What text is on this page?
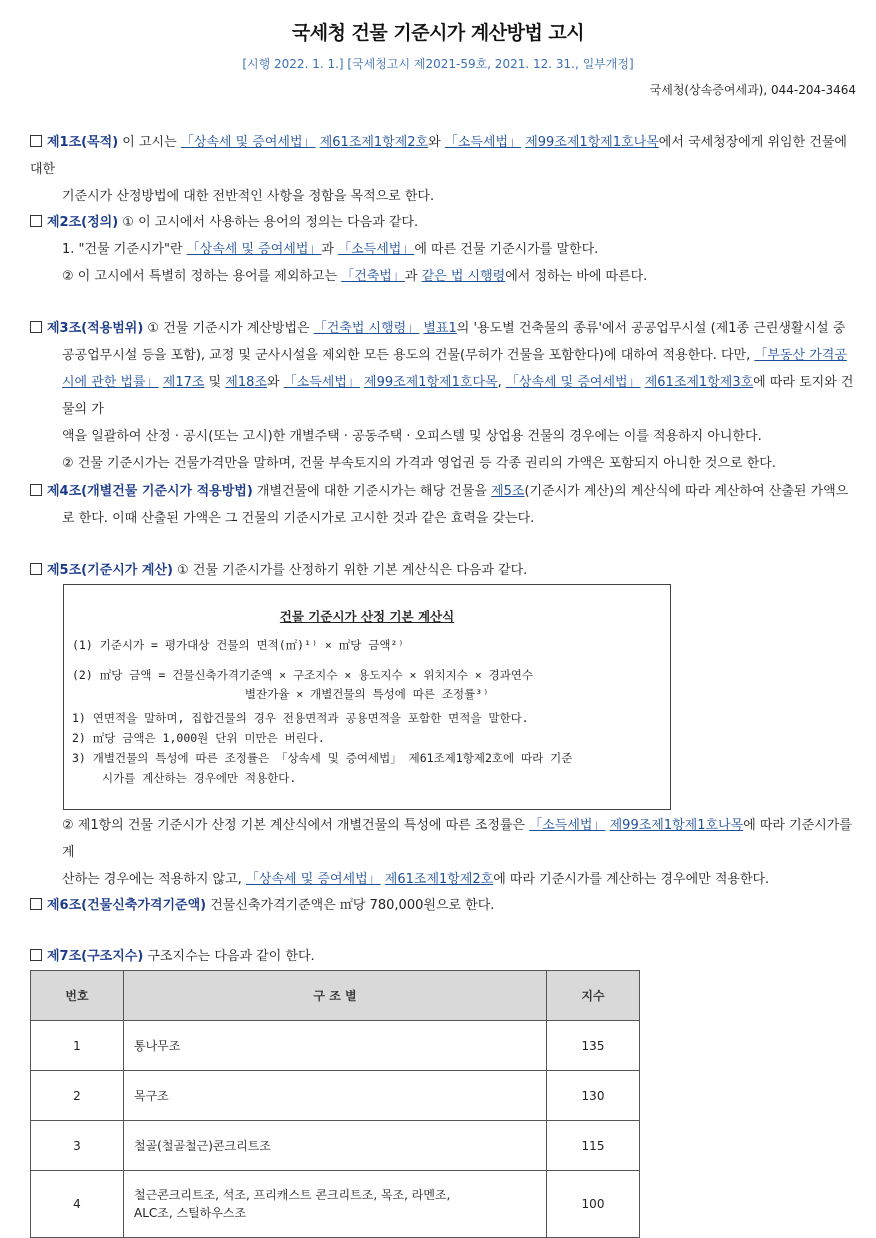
국세청 건물 기준시가 계산방법 고시
[시행 2022. 1. 1.] [국세청고시 제2021-59호, 2021. 12. 31., 일부개정]
국세청(상속증여세과), 044-204-3464

제1조(목적) 이 고시는 「상속세 및 증여세법」 제61조제1항제2호와 「소득세법」 제99조제1항제1호나목에서 국세청장에게 위임한 건물에 대한

기준시가 산정방법에 대한 전반적인 사항을 정함을 목적으로 한다.

제2조(정의) ① 이 고시에서 사용하는 용어의 정의는 다음과 같다.

1. "건물 기준시가"란 「상속세 및 증여세법」과 「소득세법」에 따른 건물 기준시가를 말한다.

② 이 고시에서 특별히 정하는 용어를 제외하고는 「건축법」과 같은 법 시행령에서 정하는 바에 따른다.

제3조(적용범위) ① 건물 기준시가 계산방법은 「건축법 시행령」 별표1의 '용도별 건축물의 종류'에서 공공업무시설 (제1종 근린생활시설 중

공공업무시설 등을 포함), 교정 및 군사시설을 제외한 모든 용도의 건물(무허가 건물을 포함한다)에 대하여 적용한다. 다만, 「부동산 가격공

시에 관한 법률」 제17조 및 제18조와 「소득세법」 제99조제1항제1호다목, 「상속세 및 증여세법」 제61조제1항제3호에 따라 토지와 건물의 가

액을 일괄하여 산정 · 공시(또는 고시)한 개별주택 · 공동주택 · 오피스텔 및 상업용 건물의 경우에는 이를 적용하지 아니한다.

② 건물 기준시가는 건물가격만을 말하며, 건물 부속토지의 가격과 영업권 등 각종 권리의 가액은 포함되지 아니한 것으로 한다.

제4조(개별건물 기준시가 적용방법) 개별건물에 대한 기준시가는 해당 건물을 제5조(기준시가 계산)의 계산식에 따라 계산하여 산출된 가액으

로 한다. 이때 산출된 가액은 그 건물의 기준시가로 고시한 것과 같은 효력을 갖는다.

제5조(기준시가 계산) ① 건물 기준시가를 산정하기 위한 기본 계산식은 다음과 같다.

건물 기준시가 산정 기본 계산식
(1) 기준시가 = 평가대상 건물의 면적(㎡)¹⁾ × ㎡당 금액²⁾
(2) ㎡당 금액 = 건물신축가격기준액 × 구조지수 × 용도지수 × 위치지수 × 경과연수
별잔가율 × 개별건물의 특성에 따른 조정률³⁾
1) 연면적을 말하며, 집합건물의 경우 전용면적과 공용면적을 포함한 면적을 말한다.
2) ㎡당 금액은 1,000원 단위 미만은 버린다.
3) 개별건물의 특성에 따른 조정률은 「상속세 및 증여세법」 제61조제1항제2호에 따라 기준
시가를 계산하는 경우에만 적용한다.

② 제1항의 건물 기준시가 산정 기본 계산식에서 개별건물의 특성에 따른 조정률은 「소득세법」 제99조제1항제1호나목에 따라 기준시가를 계

산하는 경우에는 적용하지 않고, 「상속세 및 증여세법」 제61조제1항제2호에 따라 기준시가를 계산하는 경우에만 적용한다.

제6조(건물신축가격기준액) 건물신축가격기준액은 ㎡당 780,000원으로 한다.

제7조(구조지수) 구조지수는 다음과 같이 한다.

번호	구 조 별	지수
1	통나무조	135
2	목구조	130
3	철골(철골철근)콘크리트조	115
4	철근콘크리트조, 석조, 프리캐스트 콘크리트조, 목조, 라멘조,
ALC조, 스틸하우스조	100
